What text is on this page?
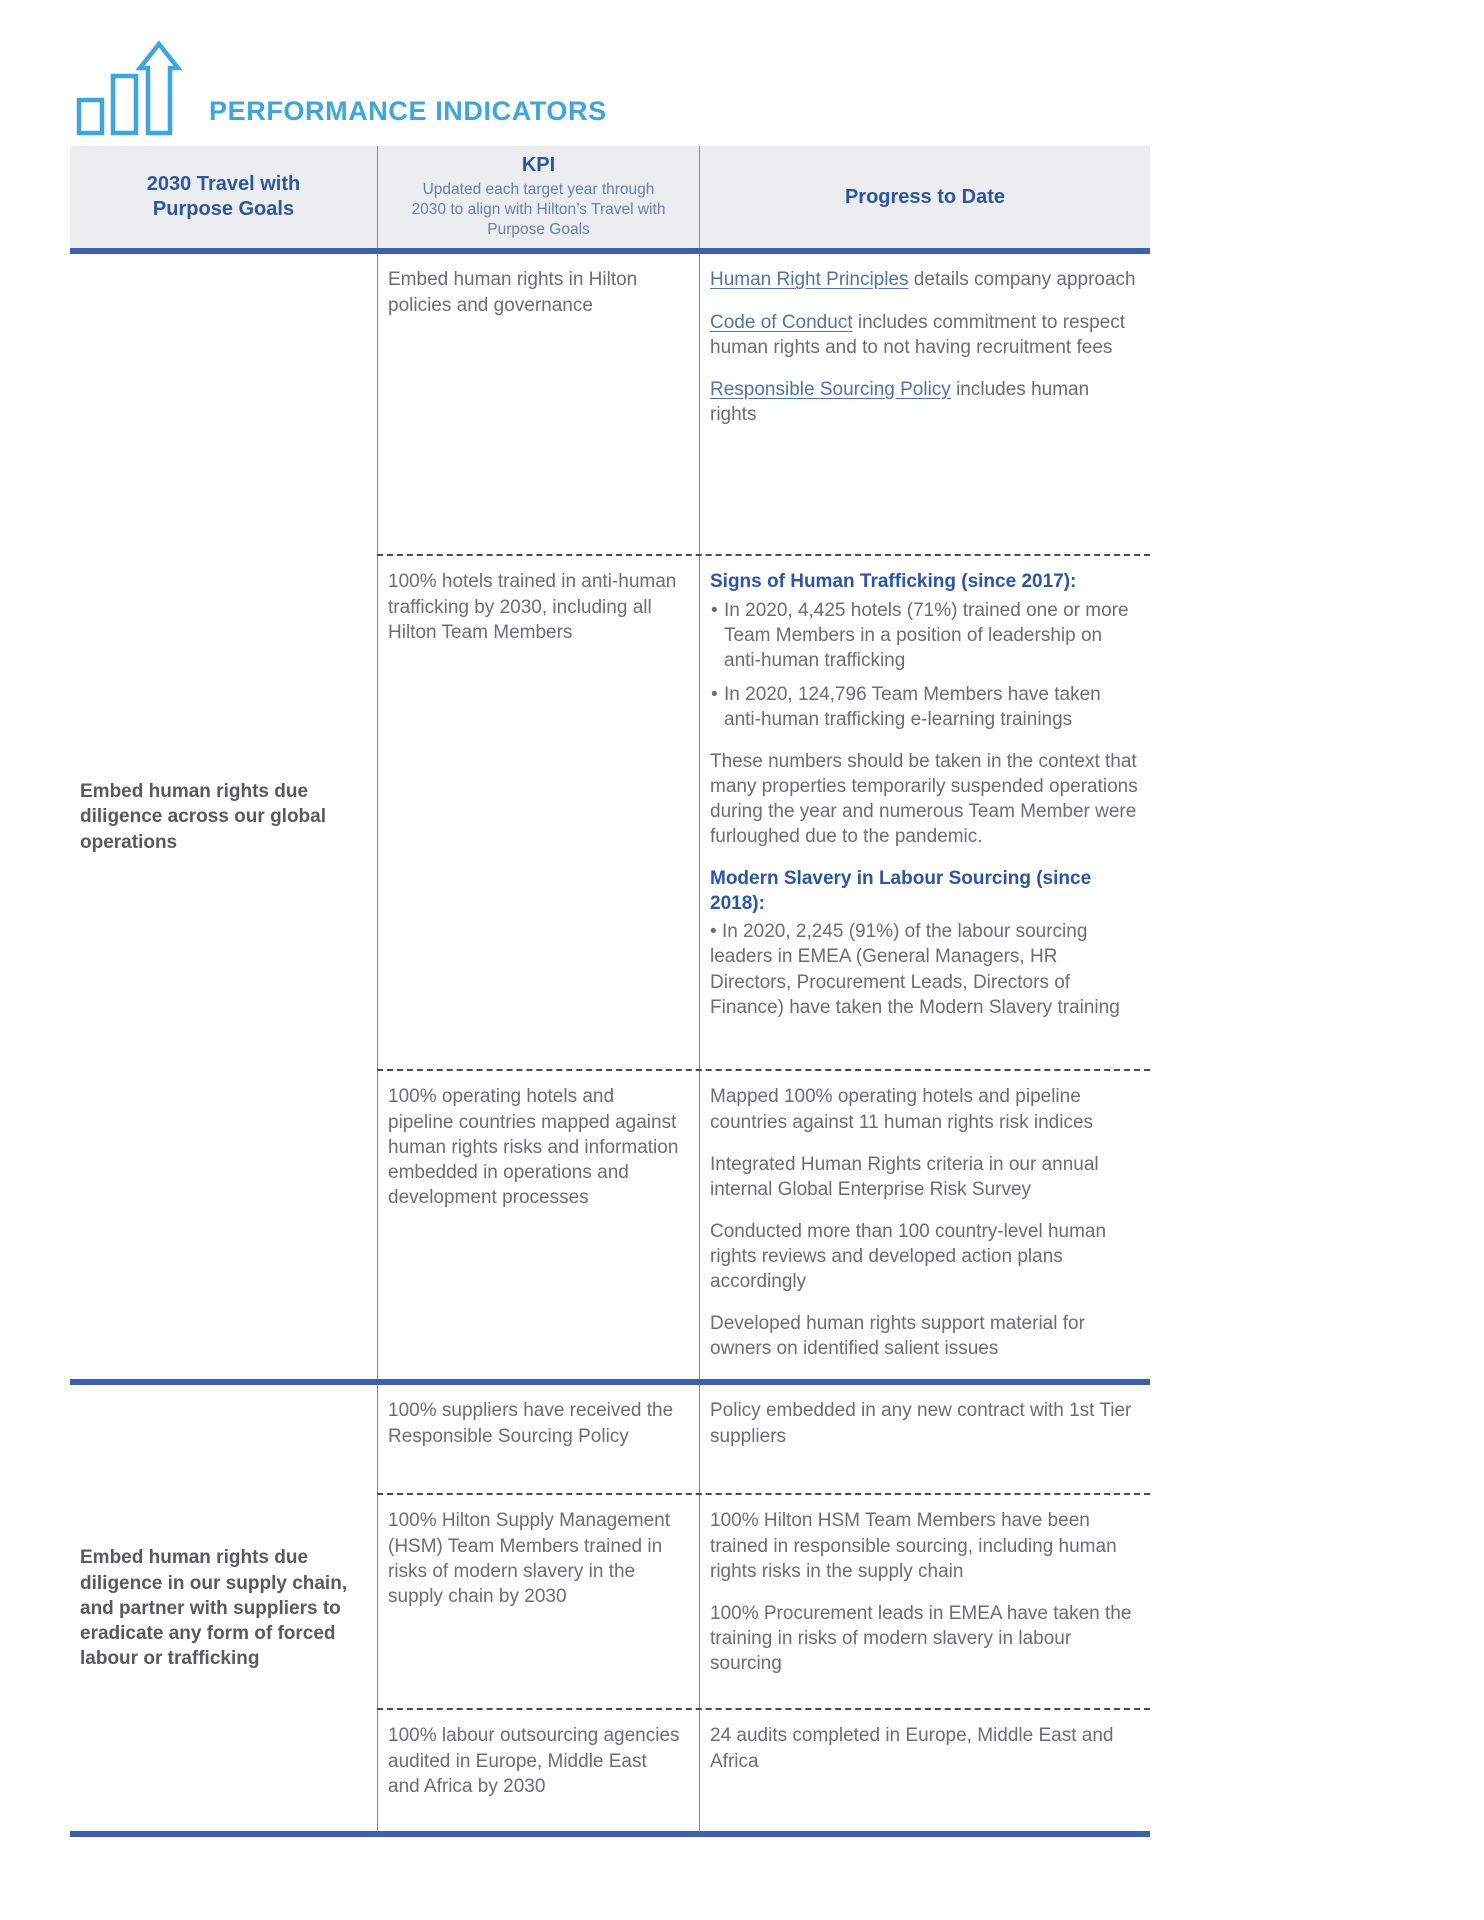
PERFORMANCE INDICATORS
2030 Travel with Purpose Goals
KPI
Updated each target year through 2030 to align with Hilton’s Travel with Purpose Goals
Progress to Date
Embed human rights due diligence across our global operations

Embed human rights in Hilton policies and governance

Human Right Principles details company approach

Code of Conduct includes commitment to respect human rights and to not having recruitment fees

Responsible Sourcing Policy includes human rights

100% hotels trained in anti-human trafficking by 2030, including all Hilton Team Members

Signs of Human Trafficking (since 2017):

• In 2020, 4,425 hotels (71%) trained one or more Team Members in a position of leadership on anti-human trafficking
• In 2020, 124,796 Team Members have taken anti-human trafficking e-learning trainings

These numbers should be taken in the context that many properties temporarily suspended operations during the year and numerous Team Member were furloughed due to the pandemic.

Modern Slavery in Labour Sourcing (since 2018):

• In 2020, 2,245 (91%) of the labour sourcing leaders in EMEA (General Managers, HR Directors, Procurement Leads, Directors of Finance) have taken the Modern Slavery training

100% operating hotels and pipeline countries mapped against human rights risks and information embedded in operations and development processes

Mapped 100% operating hotels and pipeline countries against 11 human rights risk indices

Integrated Human Rights criteria in our annual internal Global Enterprise Risk Survey

Conducted more than 100 country-level human rights reviews and developed action plans accordingly

Developed human rights support material for owners on identified salient issues

Embed human rights due diligence in our supply chain, and partner with suppliers to eradicate any form of forced labour or trafficking

100% suppliers have received the Responsible Sourcing Policy

Policy embedded in any new contract with 1st Tier suppliers

100% Hilton Supply Management (HSM) Team Members trained in risks of modern slavery in the supply chain by 2030

100% Hilton HSM Team Members have been trained in responsible sourcing, including human rights risks in the supply chain

100% Procurement leads in EMEA have taken the training in risks of modern slavery in labour sourcing

100% labour outsourcing agencies audited in Europe, Middle East and Africa by 2030

24 audits completed in Europe, Middle East and Africa
